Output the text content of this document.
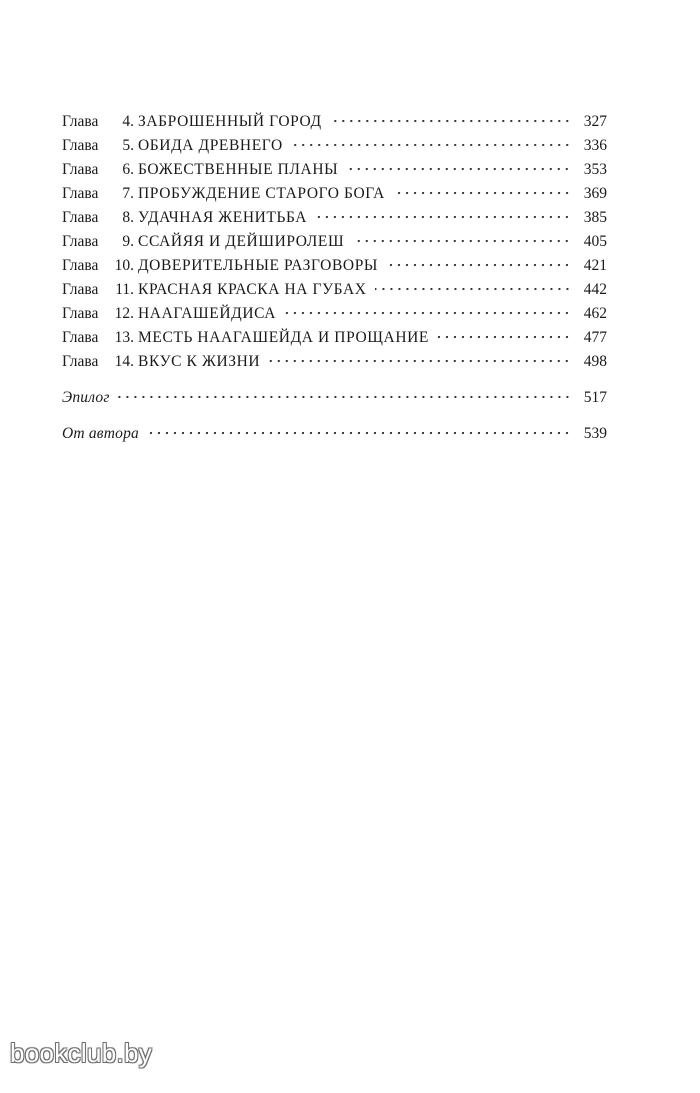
Глава	4. ЗАБРОШЕННЫЙ ГОРОД	327
Глава	5. ОБИДА ДРЕВНЕГО	336
Глава	6. БОЖЕСТВЕННЫЕ ПЛАНЫ	353
Глава	7. ПРОБУЖДЕНИЕ СТАРОГО БОГА	369
Глава	8. УДАЧНАЯ ЖЕНИТЬБА	385
Глава	9. ССАЙЯЯ И ДЕЙШИРОЛЕШ	405
Глава	10. ДОВЕРИТЕЛЬНЫЕ РАЗГОВОРЫ	421
Глава	11. КРАСНАЯ КРАСКА НА ГУБАХ	442
Глава	12. НААГАШЕЙДИСА	462
Глава	13. МЕСТЬ НААГАШЕЙДА И ПРОЩАНИЕ	477
Глава	14. ВКУС К ЖИЗНИ	498
Эпилог	517
От автора	539
bookclub.by
